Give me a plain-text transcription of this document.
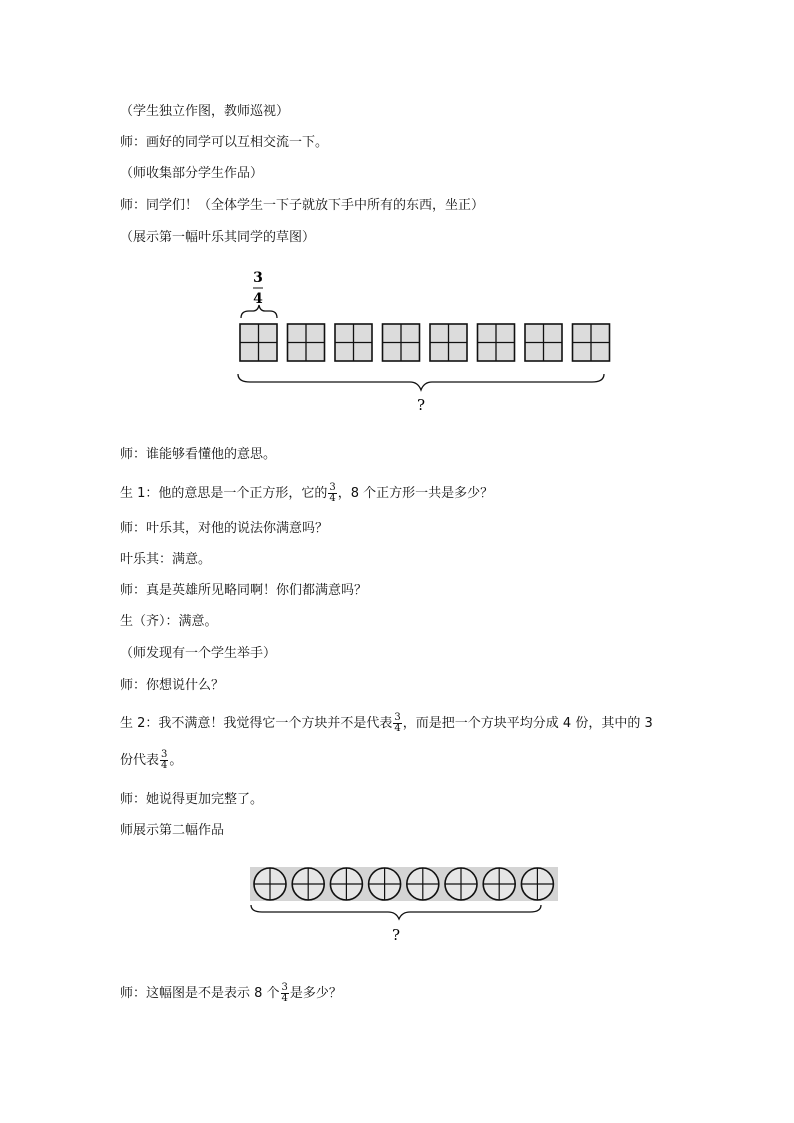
（学生独立作图，教师巡视）
师：画好的同学可以互相交流一下。
（师收集部分学生作品）
师：同学们！（全体学生一下子就放下手中所有的东西，坐正）
（展示第一幅叶乐其同学的草图）
3
4
?
师：谁能够看懂他的意思。
生 1：他的意思是一个正方形，它的 $\frac{3}{4}$ ，8 个正方形一共是多少？
师：叶乐其，对他的说法你满意吗？
叶乐其：满意。
师：真是英雄所见略同啊！你们都满意吗？
生（齐）：满意。
（师发现有一个学生举手）
师：你想说什么？
生 2：我不满意！我觉得它一个方块并不是代表 $\frac{3}{4}$ ，而是把一个方块平均分成 4 份，其中的 3
份代表 $\frac{3}{4}$ 。
师：她说得更加完整了。
师展示第二幅作品
?
师：这幅图是不是表示 8 个 $\frac{3}{4}$ 是多少？
